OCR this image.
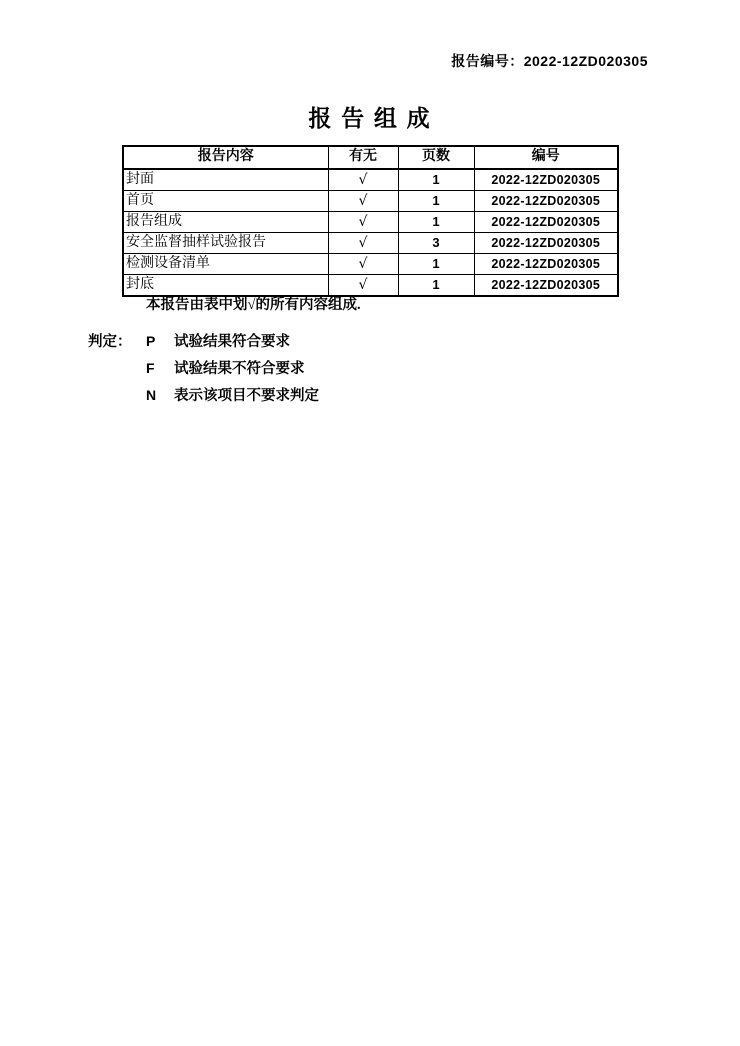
报告编号：2022-12ZD020305
报 告 组 成
报告内容	有无	页数	编号
封面	√	1	2022-12ZD020305
首页	√	1	2022-12ZD020305
报告组成	√	1	2022-12ZD020305
安全监督抽样试验报告	√	3	2022-12ZD020305
检测设备清单	√	1	2022-12ZD020305
封底	√	1	2022-12ZD020305
本报告由表中划√的所有内容组成.
判定：	P	试验结果符合要求
F	试验结果不符合要求
N	表示该项目不要求判定
